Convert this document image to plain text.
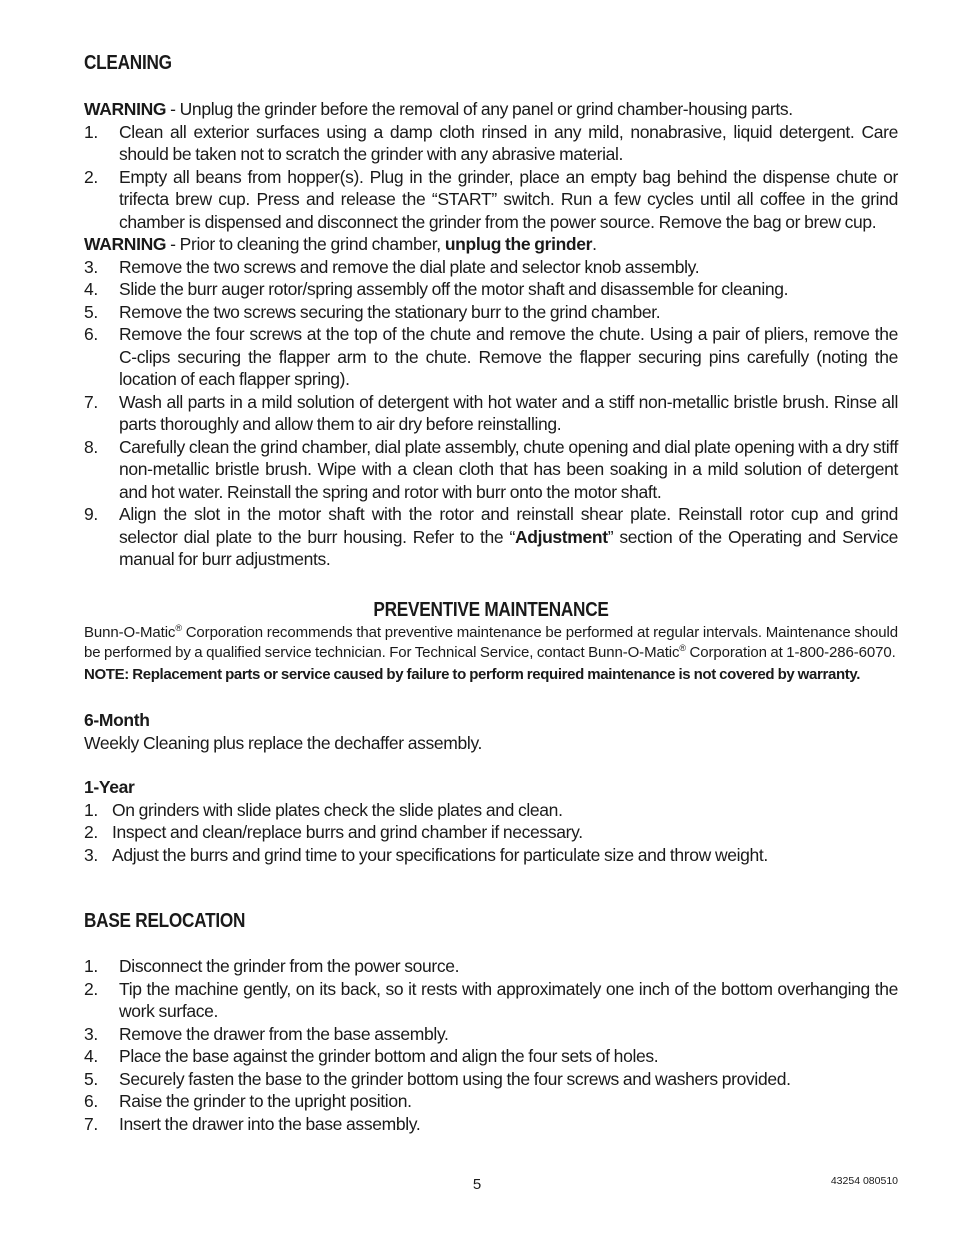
CLEANING

WARNING - Unplug the grinder before the removal of any panel or grind chamber-housing parts.

1. Clean all exterior surfaces using a damp cloth rinsed in any mild, nonabrasive, liquid detergent. Care should be taken not to scratch the grinder with any abrasive material.
2. Empty all beans from hopper(s). Plug in the grinder, place an empty bag behind the dispense chute or trifecta brew cup. Press and release the “START” switch. Run a few cycles until all coffee in the grind chamber is dispensed and disconnect the grinder from the power source. Remove the bag or brew cup.

WARNING - Prior to cleaning the grind chamber, unplug the grinder.

3. Remove the two screws and remove the dial plate and selector knob assembly.
4. Slide the burr auger rotor/spring assembly off the motor shaft and disassemble for cleaning.
5. Remove the two screws securing the stationary burr to the grind chamber.
6. Remove the four screws at the top of the chute and remove the chute. Using a pair of pliers, remove the C-clips securing the flapper arm to the chute. Remove the flapper securing pins carefully (noting the location of each flapper spring).
7. Wash all parts in a mild solution of detergent with hot water and a stiff non-metallic bristle brush. Rinse all parts thoroughly and allow them to air dry before reinstalling.
8. Carefully clean the grind chamber, dial plate assembly, chute opening and dial plate opening with a dry stiff non-metallic bristle brush. Wipe with a clean cloth that has been soaking in a mild solution of detergent and hot water. Reinstall the spring and rotor with burr onto the motor shaft.
9. Align the slot in the motor shaft with the rotor and reinstall shear plate. Reinstall rotor cup and grind selector dial plate to the burr housing. Refer to the “Adjustment” section of the Operating and Service manual for burr adjustments.
PREVENTIVE MAINTENANCE

Bunn-O-Matic® Corporation recommends that preventive maintenance be performed at regular intervals. Maintenance should be performed by a qualified service technician. For Technical Service, contact Bunn-O-Matic® Corporation at 1-800-286-6070.

NOTE: Replacement parts or service caused by failure to perform required maintenance is not covered by warranty.

6-Month

Weekly Cleaning plus replace the dechaffer assembly.

1-Year

1. On grinders with slide plates check the slide plates and clean.
2. Inspect and clean/replace burrs and grind chamber if necessary.
3. Adjust the burrs and grind time to your specifications for particulate size and throw weight.
BASE RELOCATION
1. Disconnect the grinder from the power source.
2. Tip the machine gently, on its back, so it rests with approximately one inch of the bottom overhanging the work surface.
3. Remove the drawer from the base assembly.
4. Place the base against the grinder bottom and align the four sets of holes.
5. Securely fasten the base to the grinder bottom using the four screws and washers provided.
6. Raise the grinder to the upright position.
7. Insert the drawer into the base assembly.
5	43254 080510
